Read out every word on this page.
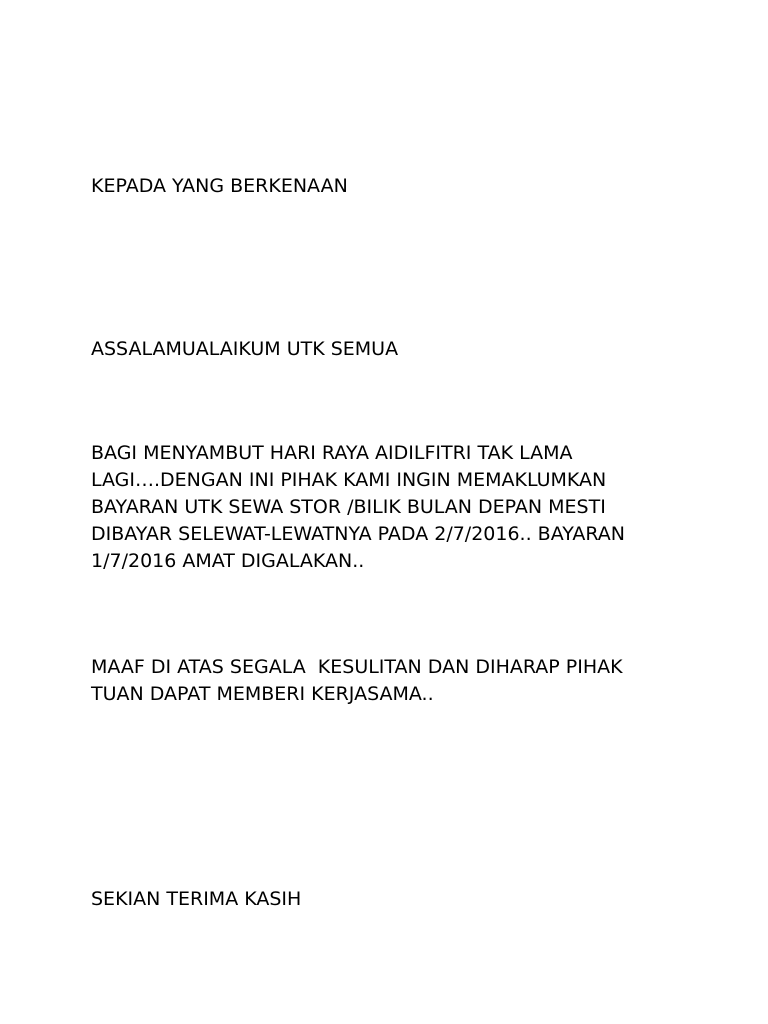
KEPADA YANG BERKENAAN
ASSALAMUALAIKUM UTK SEMUA
BAGI MENYAMBUT HARI RAYA AIDILFITRI TAK LAMA
LAGI….DENGAN INI PIHAK KAMI INGIN MEMAKLUMKAN
BAYARAN UTK SEWA STOR /BILIK BULAN DEPAN MESTI
DIBAYAR SELEWAT-LEWATNYA PADA 2/7/2016.. BAYARAN
1/7/2016 AMAT DIGALAKAN..
MAAF DI ATAS SEGALA  KESULITAN DAN DIHARAP PIHAK
TUAN DAPAT MEMBERI KERJASAMA..
SEKIAN TERIMA KASIH
